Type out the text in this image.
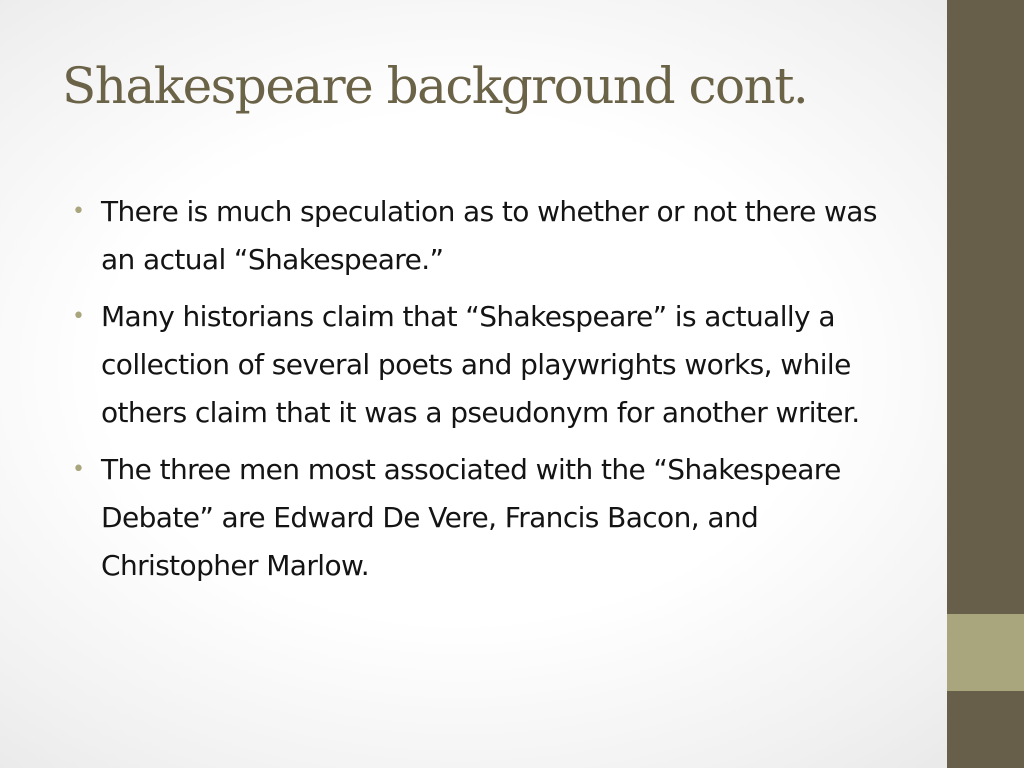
Shakespeare background cont.
• There is much speculation as to whether or not there was an actual “Shakespeare.”
• Many historians claim that “Shakespeare” is actually a collection of several poets and playwrights works, while others claim that it was a pseudonym for another writer.
• The three men most associated with the “Shakespeare Debate” are Edward De Vere, Francis Bacon, and Christopher Marlow.
